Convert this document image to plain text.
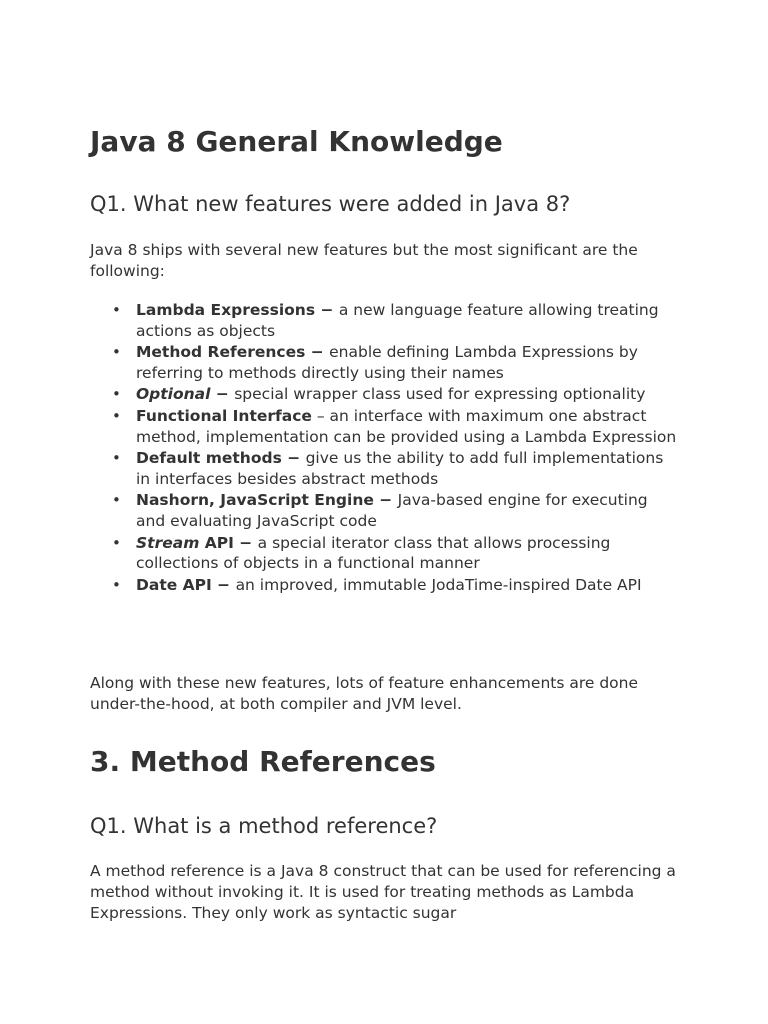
Java 8 General Knowledge
Q1. What new features were added in Java 8?

Java 8 ships with several new features but the most significant are the following:

• Lambda Expressions − a new language feature allowing treating actions as objects
• Method References − enable defining Lambda Expressions by referring to methods directly using their names
• Optional − special wrapper class used for expressing optionality
• Functional Interface – an interface with maximum one abstract method, implementation can be provided using a Lambda Expression
• Default methods − give us the ability to add full implementations in interfaces besides abstract methods
• Nashorn, JavaScript Engine − Java-based engine for executing and evaluating JavaScript code
• Stream API − a special iterator class that allows processing collections of objects in a functional manner
• Date API − an improved, immutable JodaTime-inspired Date API

Along with these new features, lots of feature enhancements are done under-the-hood, at both compiler and JVM level.

3. Method References
Q1. What is a method reference?

A method reference is a Java 8 construct that can be used for referencing a method without invoking it. It is used for treating methods as Lambda Expressions. They only work as syntactic sugar
